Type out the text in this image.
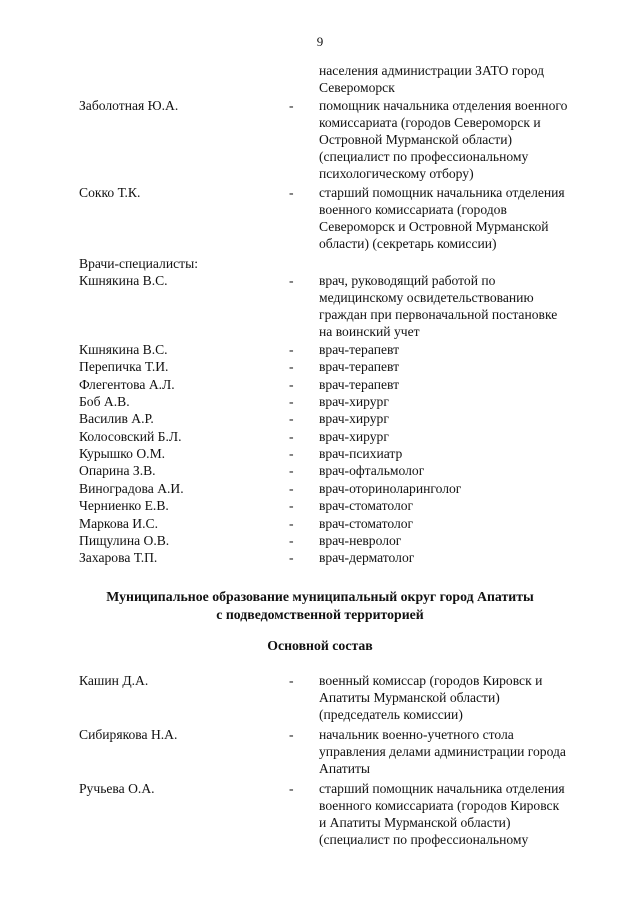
9
населения администрации ЗАТО город
Североморск
Заболотная Ю.А.	- помощник начальника отделения военного
комиссариата (городов Североморск и
Островной Мурманской области)
(специалист по профессиональному
психологическому отбору)
Сокко Т.К.	- старший помощник начальника отделения
военного комиссариата (городов
Североморск и Островной Мурманской
области) (секретарь комиссии)
Врачи-специалисты:
Кшнякина В.С.	- врач, руководящий работой по
медицинскому освидетельствованию
граждан при первоначальной постановке
на воинский учет
Кшнякина В.С.	- врач-терапевт
Перепичка Т.И.	- врач-терапевт
Флегентова А.Л.	- врач-терапевт
Боб А.В.	- врач-хирург
Василив А.Р.	- врач-хирург
Колосовский Б.Л.	- врач-хирург
Курышко О.М.	- врач-психиатр
Опарина З.В.	- врач-офтальмолог
Виноградова А.И.	- врач-оториноларинголог
Черниенко Е.В.	- врач-стоматолог
Маркова И.С.	- врач-стоматолог
Пищулина О.В.	- врач-невролог
Захарова Т.П.	- врач-дерматолог
Муниципальное образование муниципальный округ город Апатиты
с подведомственной территорией
Основной состав
Кашин Д.А.	- военный комиссар (городов Кировск и
Апатиты Мурманской области)
(председатель комиссии)
Сибирякова Н.А.	- начальник военно-учетного стола
управления делами администрации города
Апатиты
Ручьева О.А.	- старший помощник начальника отделения
военного комиссариата (городов Кировск
и Апатиты Мурманской области)
(специалист по профессиональному
